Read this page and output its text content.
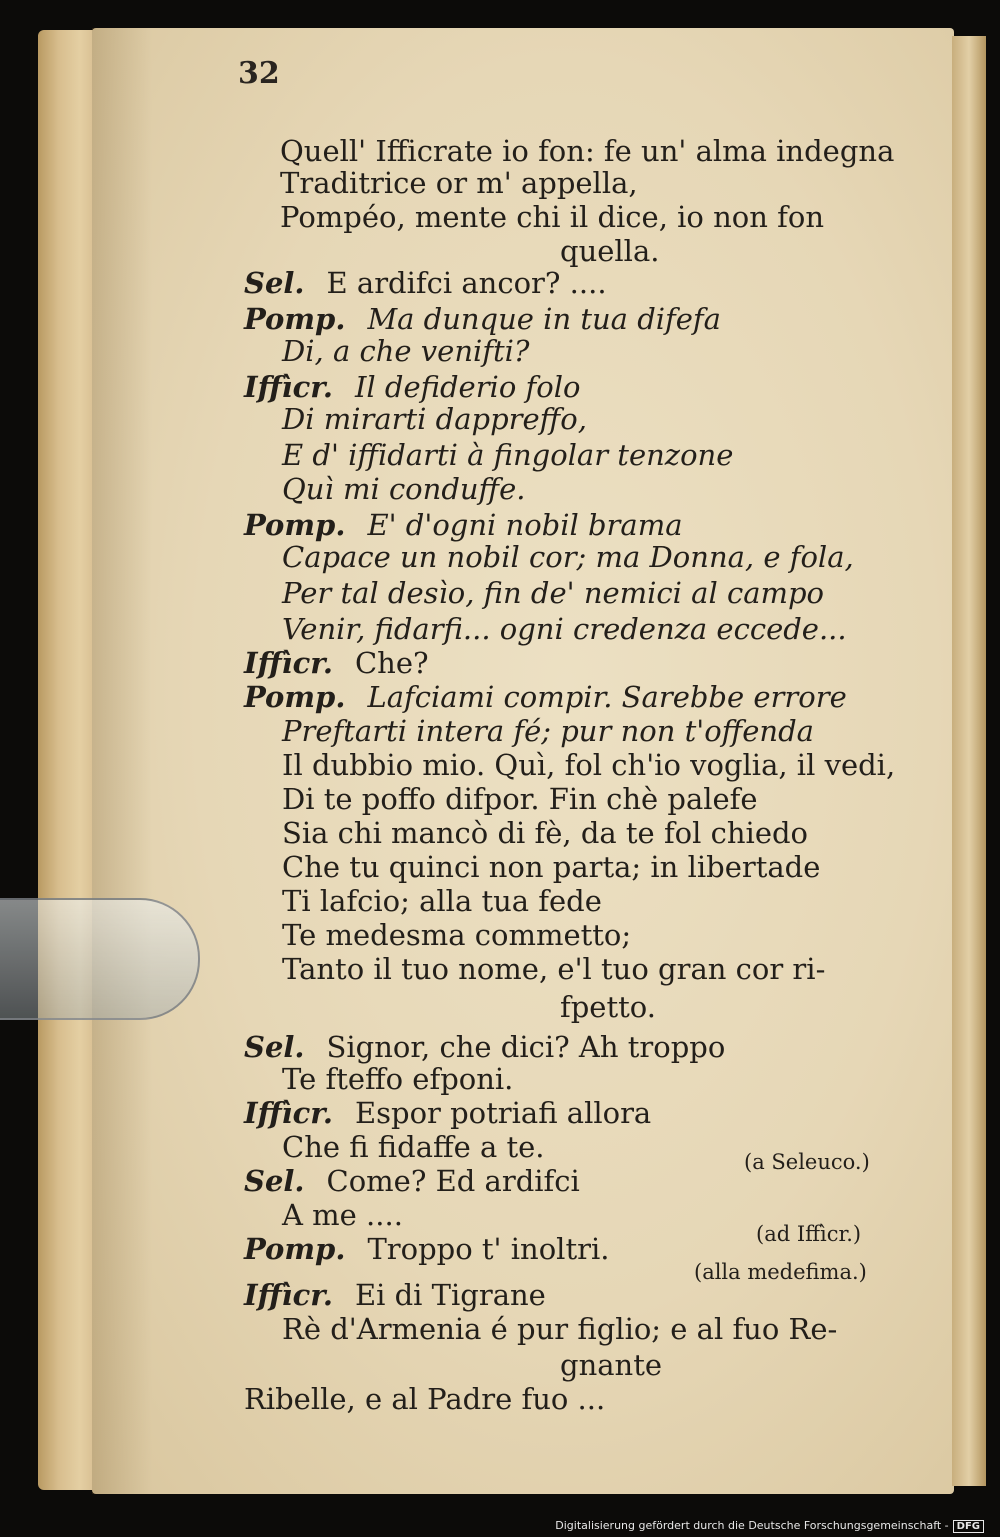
32
Quell' Ifficrate io fon: fe un' alma indegna
Traditrice or m' appella,
Pompéo, mente chi il dice, io non fon
quella.
Sel. E ardifci ancor? ....
Pomp. Ma dunque in tua difefa
Di, a che venifti?
Iffìcr. Il defiderio folo
Di mirarti dappreffo,
E d' iffidarti à fingolar tenzone
Quì mi conduffe.
Pomp. E' d'ogni nobil brama
Capace un nobil cor; ma Donna, e fola,
Per tal desìo, fin de' nemici al campo
Venir, fidarfi... ogni credenza eccede...
Iffìcr. Che?
Pomp. Lafciami compir. Sarebbe errore
Preftarti intera fé; pur non t'offenda
Il dubbio mio. Quì, fol ch'io voglia, il vedi,
Di te poffo difpor. Fin chè palefe
Sia chi mancò di fè, da te fol chiedo
Che tu quinci non parta; in libertade
Ti lafcio; alla tua fede
Te medesma commetto;
Tanto il tuo nome, e'l tuo gran cor ri-
fpetto.
Sel. Signor, che dici? Ah troppo
Te fteffo efponi.
Iffìcr. Espor potriafi allora
Che fi fidaffe a te.
Sel. Come? Ed ardifci
A me ....
Pomp. Troppo t' inoltri.
Iffìcr. Ei di Tigrane
Rè d'Armenia é pur figlio; e al fuo Re-
gnante
Ribelle, e al Padre fuo ...
(a Seleuco.)
(ad Iffìcr.)
(alla medefima.)
Digitalisierung gefördert durch die Deutsche Forschungsgemeinschaft - DFG
